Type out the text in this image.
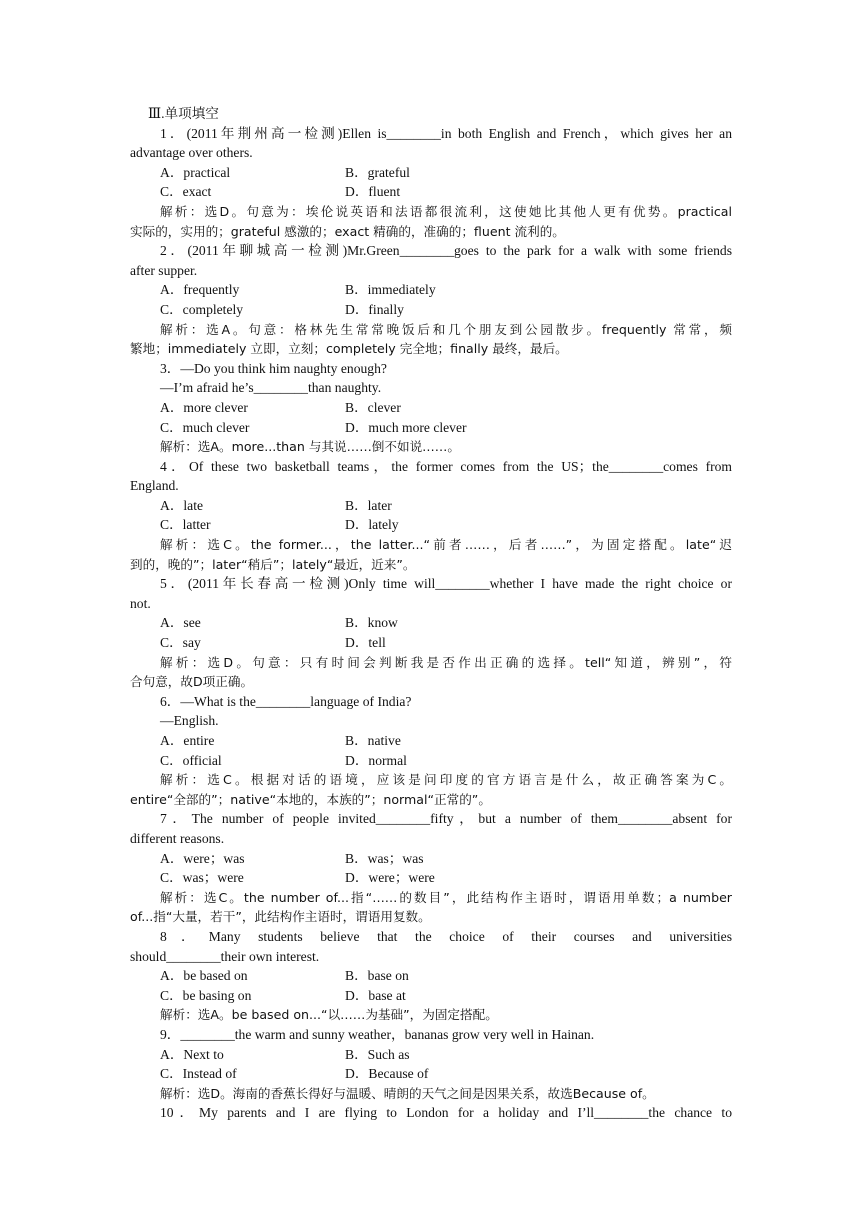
Ⅲ.单项填空
1．(2011年荆州高一检测)Ellen is________in both English and French，which gives her an
advantage over others.
A．practical	B．grateful
C．exact	D．fluent
解析：选D。句意为：埃伦说英语和法语都很流利，这使她比其他人更有优势。practical
实际的，实用的；grateful 感激的；exact 精确的，准确的；fluent 流利的。
2．(2011年聊城高一检测)Mr.Green________goes to the park for a walk with some friends
after supper.
A．frequently	B．immediately
C．completely	D．finally
解析：选A。句意：格林先生常常晚饭后和几个朋友到公园散步。frequently 常常，频
繁地；immediately 立即，立刻；completely 完全地；finally 最终，最后。
3．—Do you think him naughty enough?
—I’m afraid he’s________than naughty.
A．more clever	B．clever
C．much clever	D．much more clever
解析：选A。more...than 与其说……倒不如说……。
4．Of these two basketball teams，the former comes from the US；the________comes from
England.
A．late	B．later
C．latter	D．lately
解析：选C。the former...，the latter...“前者……，后者……”，为固定搭配。late“迟
到的，晚的”；later“稍后”；lately“最近，近来”。
5．(2011年长春高一检测)Only time will________whether I have made the right choice or
not.
A．see	B．know
C．say	D．tell
解析：选D。句意：只有时间会判断我是否作出正确的选择。tell“知道，辨别”，符
合句意，故D项正确。
6．—What is the________language of India?
—English.
A．entire	B．native
C．official	D．normal
解析：选C。根据对话的语境，应该是问印度的官方语言是什么，故正确答案为C。
entire“全部的”；native“本地的，本族的”；normal“正常的”。
7．The number of people invited________fifty，but a number of them________absent for
different reasons.
A．were；was	B．was；was
C．was；were	D．were；were
解析：选C。the number of...指“……的数目”，此结构作主语时，谓语用单数；a number
of...指“大量，若干”，此结构作主语时，谓语用复数。
8．Many students believe that the choice of their courses and universities
should________their own interest.
A．be based on	B．base on
C．be basing on	D．base at
解析：选A。be based on...“以……为基础”，为固定搭配。
9．________the warm and sunny weather，bananas grow very well in Hainan.
A．Next to	B．Such as
C．Instead of	D．Because of
解析：选D。海南的香蕉长得好与温暖、晴朗的天气之间是因果关系，故选Because of。
10．My parents and I are flying to London for a holiday and I’ll________the chance to
